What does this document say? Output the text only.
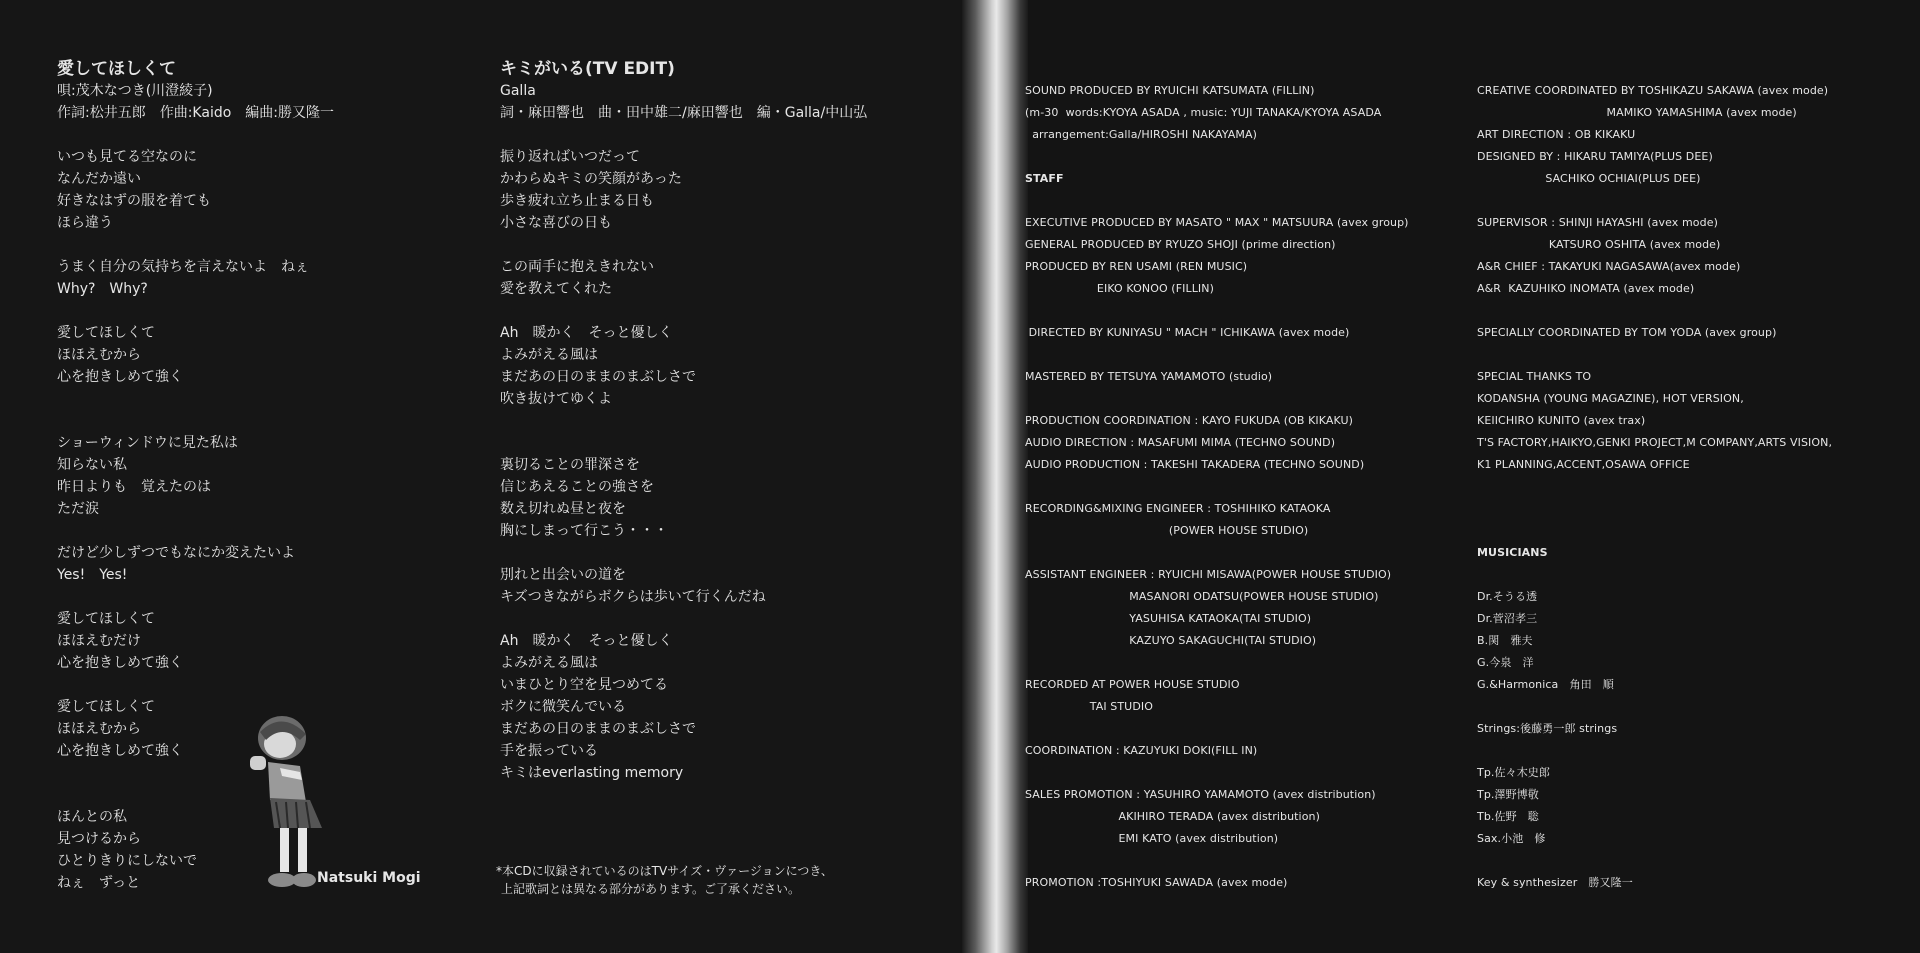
愛してほしくて
唄:茂木なつき(川澄綾子)
作詞:松井五郎　作曲:Kaido　編曲:勝又隆一
いつも見てる空なのに
なんだか遠い
好きなはずの服を着ても
ほら違う
うまく自分の気持ちを言えないよ　ねぇ
Why?　Why?
愛してほしくて
ほほえむから
心を抱きしめて強く
ショーウィンドウに見た私は
知らない私
昨日よりも　覚えたのは
ただ涙
だけど少しずつでもなにか変えたいよ
Yes!　Yes!
愛してほしくて
ほほえむだけ
心を抱きしめて強く
愛してほしくて
ほほえむから
心を抱きしめて強く
ほんとの私
見つけるから
ひとりきりにしないで
ねぇ　ずっと
キミがいる(TV EDIT)
Galla
詞・麻田響也　曲・田中雄二/麻田響也　編・Galla/中山弘
振り返ればいつだって
かわらぬキミの笑顔があった
歩き疲れ立ち止まる日も
小さな喜びの日も
この両手に抱えきれない
愛を教えてくれた
Ah　暖かく　そっと優しく
よみがえる風は
まだあの日のままのまぶしさで
吹き抜けてゆくよ
裏切ることの罪深さを
信じあえることの強さを
数え切れぬ昼と夜を
胸にしまって行こう・・・
別れと出会いの道を
キズつきながらボクらは歩いて行くんだね
Ah　暖かく　そっと優しく
よみがえる風は
いまひとり空を見つめてる
ボクに微笑んでいる
まだあの日のままのまぶしさで
手を振っている
キミはeverlasting memory
Natsuki Mogi	*本CDに収録されているのはTVサイズ・ヴァージョンにつき、
上記歌詞とは異なる部分があります。ご了承ください。
SOUND PRODUCED BY RYUICHI KATSUMATA (FILLIN)
(m-30  words:KYOYA ASADA , music: YUJI TANAKA/KYOYA ASADA
arrangement:Galla/HIROSHI NAKAYAMA)
STAFF
EXECUTIVE PRODUCED BY MASATO " MAX " MATSUURA (avex group)
GENERAL PRODUCED BY RYUZO SHOJI (prime direction)
PRODUCED BY REN USAMI (REN MUSIC)
EIKO KONOO (FILLIN)
DIRECTED BY KUNIYASU " MACH " ICHIKAWA (avex mode)
MASTERED BY TETSUYA YAMAMOTO (studio)
PRODUCTION COORDINATION : KAYO FUKUDA (OB KIKAKU)
AUDIO DIRECTION : MASAFUMI MIMA (TECHNO SOUND)
AUDIO PRODUCTION : TAKESHI TAKADERA (TECHNO SOUND)
RECORDING&MIXING ENGINEER : TOSHIHIKO KATAOKA
(POWER HOUSE STUDIO)
ASSISTANT ENGINEER : RYUICHI MISAWA(POWER HOUSE STUDIO)
MASANORI ODATSU(POWER HOUSE STUDIO)
YASUHISA KATAOKA(TAI STUDIO)
KAZUYO SAKAGUCHI(TAI STUDIO)
RECORDED AT POWER HOUSE STUDIO
TAI STUDIO
COORDINATION : KAZUYUKI DOKI(FILL IN)
SALES PROMOTION : YASUHIRO YAMAMOTO (avex distribution)
AKIHIRO TERADA (avex distribution)
EMI KATO (avex distribution)
PROMOTION :TOSHIYUKI SAWADA (avex mode)
CREATIVE COORDINATED BY TOSHIKAZU SAKAWA (avex mode)
MAMIKO YAMASHIMA (avex mode)
ART DIRECTION : OB KIKAKU
DESIGNED BY : HIKARU TAMIYA(PLUS DEE)
SACHIKO OCHIAI(PLUS DEE)
SUPERVISOR : SHINJI HAYASHI (avex mode)
KATSURO OSHITA (avex mode)
A&R CHIEF : TAKAYUKI NAGASAWA(avex mode)
A&R  KAZUHIKO INOMATA (avex mode)
SPECIALLY COORDINATED BY TOM YODA (avex group)
SPECIAL THANKS TO
KODANSHA (YOUNG MAGAZINE), HOT VERSION,
KEIICHIRO KUNITO (avex trax)
T'S FACTORY,HAIKYO,GENKI PROJECT,M COMPANY,ARTS VISION,
K1 PLANNING,ACCENT,OSAWA OFFICE
MUSICIANS
Dr.そうる透
Dr.菅沼孝三
B.関　雅夫
G.今泉　洋
G.&Harmonica　角田　順
Strings:後藤勇一郎 strings
Tp.佐々木史郎
Tp.澤野博敬
Tb.佐野　聡
Sax.小池　修
Key & synthesizer　勝又隆一
